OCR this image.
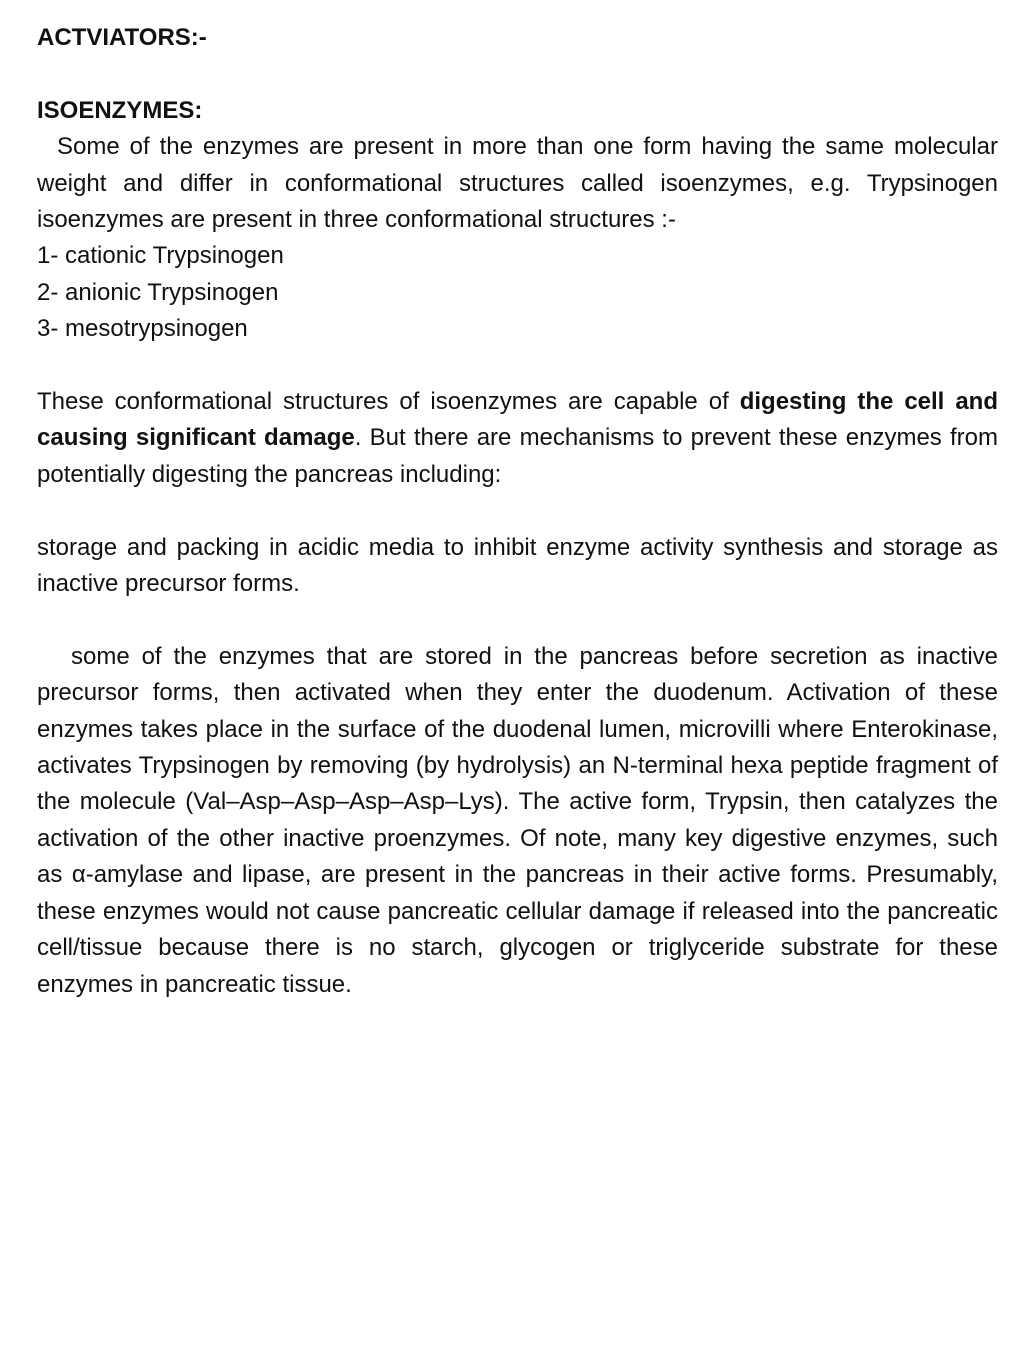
ACTVIATORS:-

ISOENZYMES:

Some of the enzymes are present in more than one form having the same molecular weight and differ in conformational structures called isoenzymes, e.g. Trypsinogen isoenzymes are present in three conformational structures :-

1- cationic Trypsinogen

2- anionic Trypsinogen

3- mesotrypsinogen

These conformational structures of isoenzymes are capable of digesting the cell and causing significant damage. But there are mechanisms to prevent these enzymes from potentially digesting the pancreas including:

storage and packing in acidic media to inhibit enzyme activity synthesis and storage as inactive precursor forms.

some of the enzymes that are stored in the pancreas before secretion as inactive precursor forms, then activated when they enter the duodenum. Activation of these enzymes takes place in the surface of the duodenal lumen, microvilli where Enterokinase, activates Trypsinogen by removing (by hydrolysis) an N-terminal hexa peptide fragment of the molecule (Val–Asp–Asp–Asp–Asp–Lys). The active form, Trypsin, then catalyzes the activation of the other inactive proenzymes. Of note, many key digestive enzymes, such as α-amylase and lipase, are present in the pancreas in their active forms. Presumably, these enzymes would not cause pancreatic cellular damage if released into the pancreatic cell/tissue because there is no starch, glycogen or triglyceride substrate for these enzymes in pancreatic tissue.
